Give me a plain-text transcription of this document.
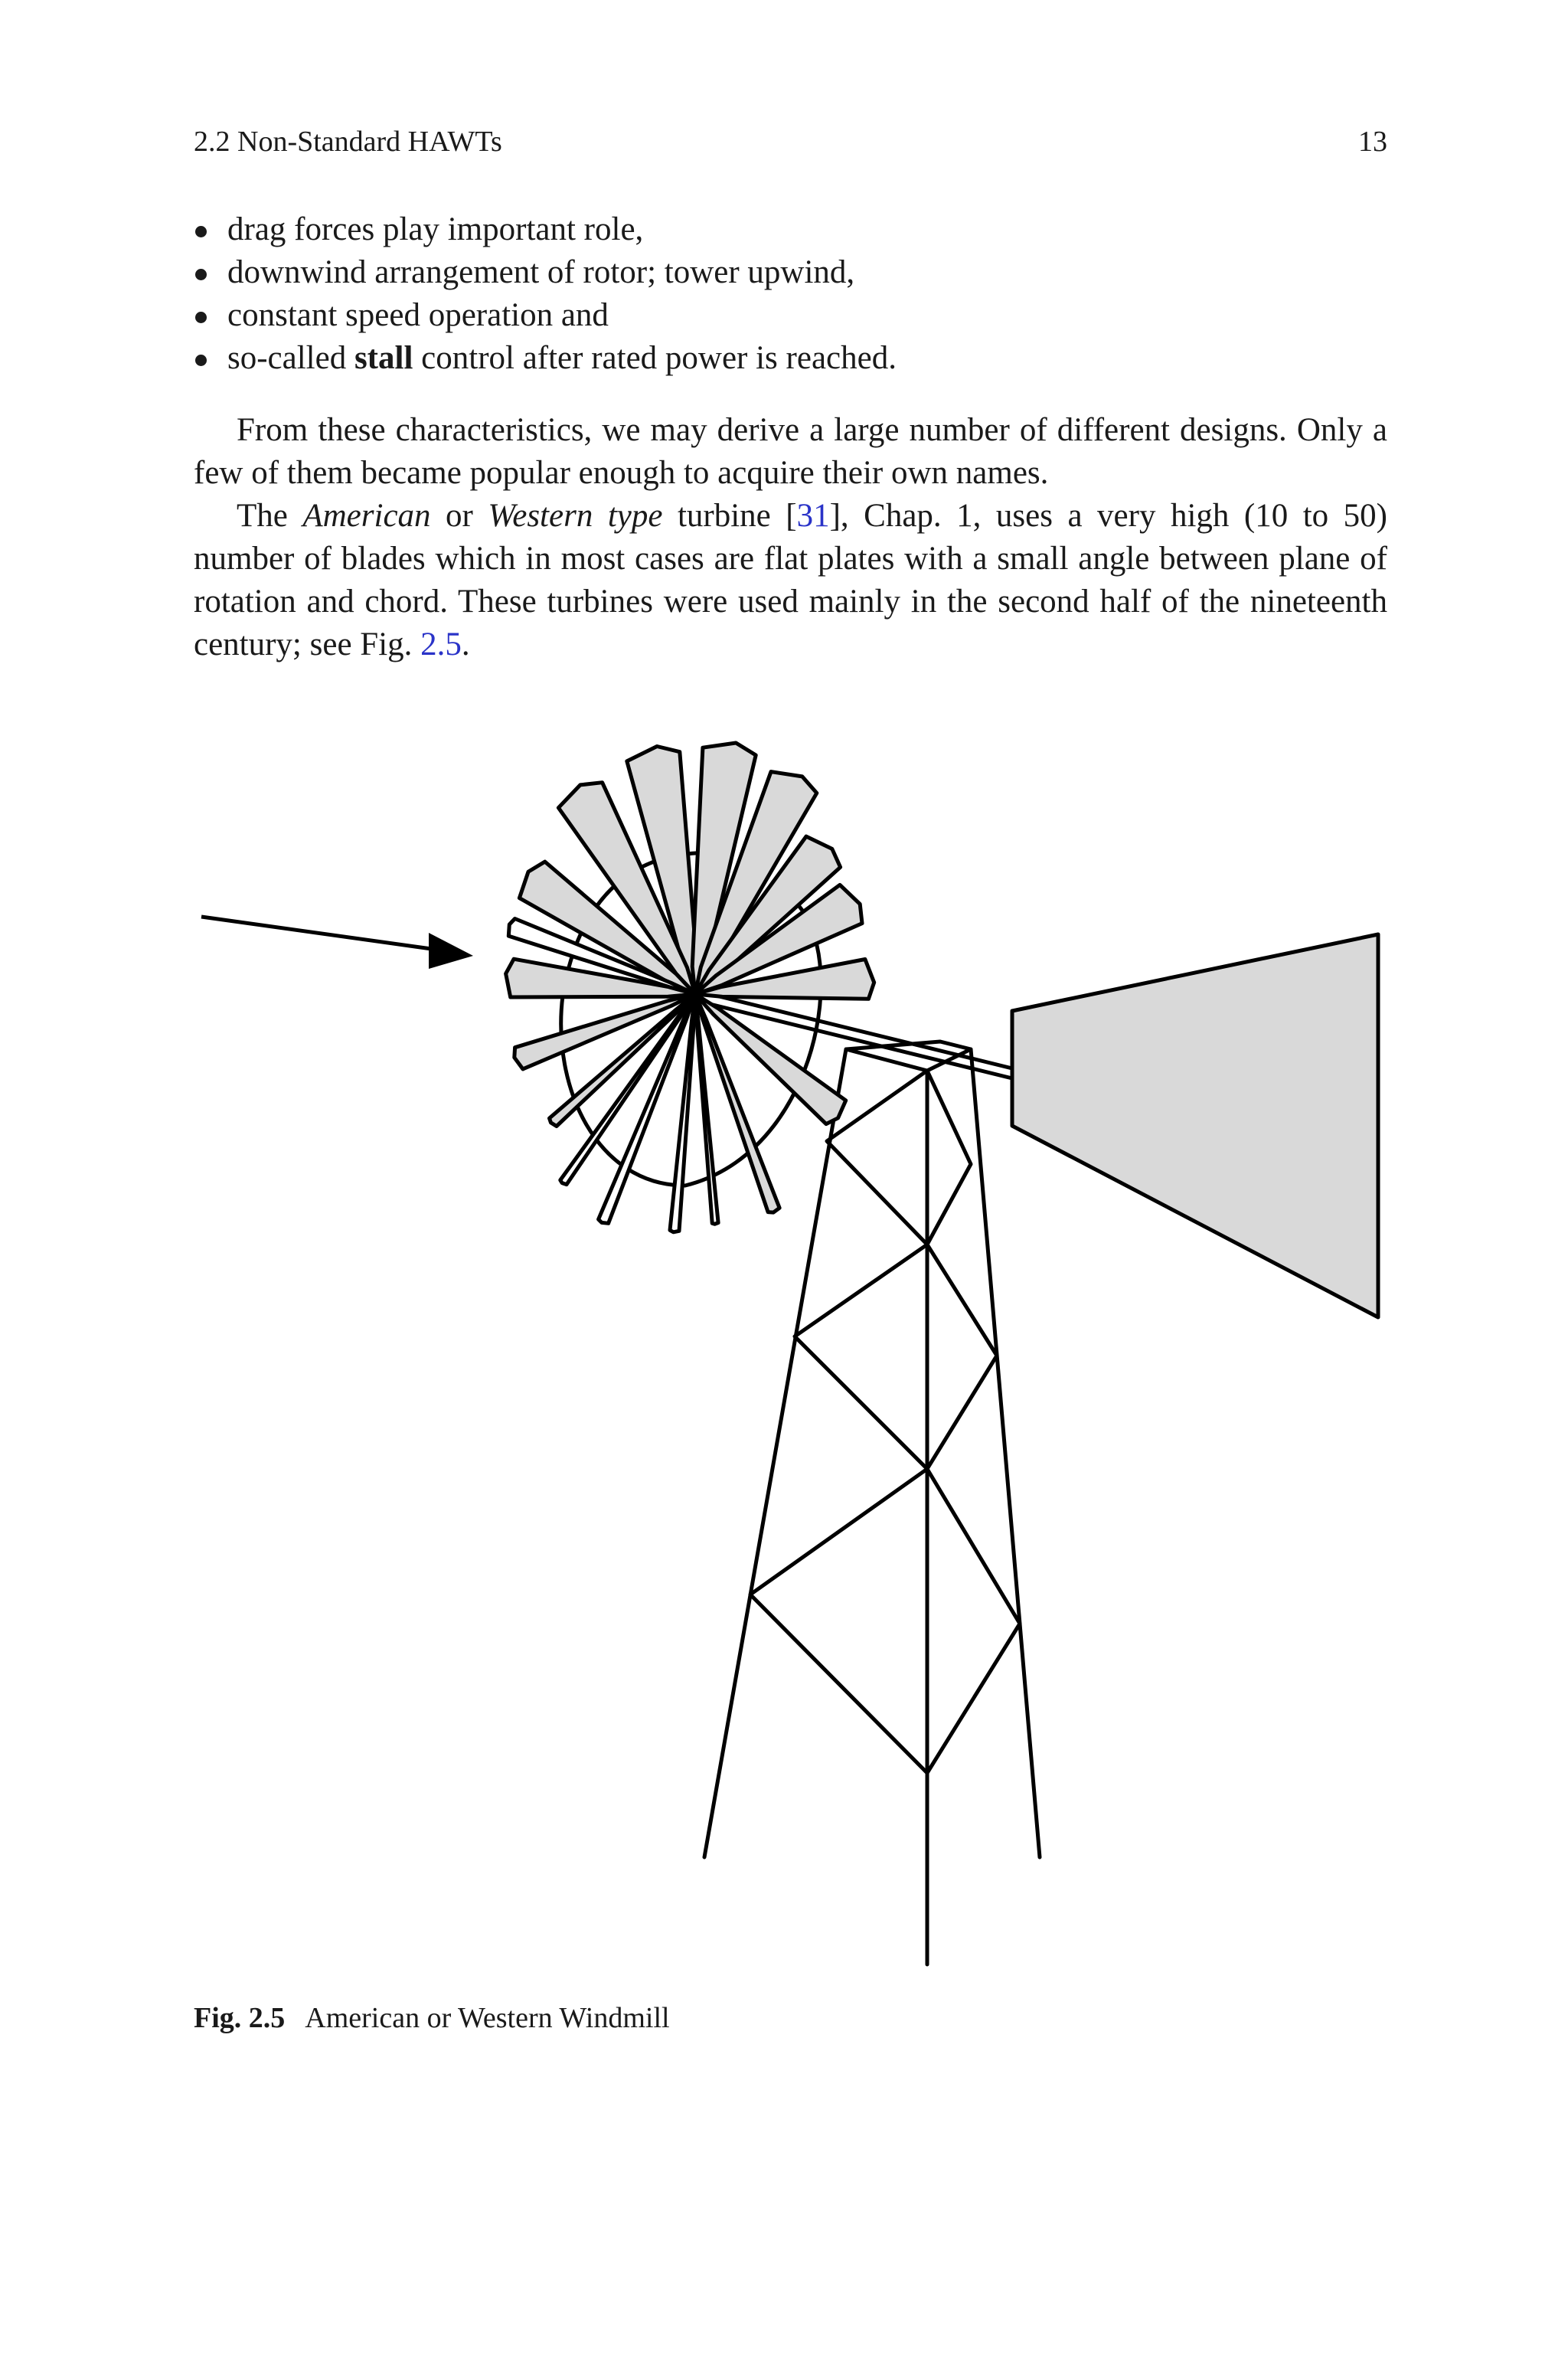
2.2 Non-Standard HAWTs	13
drag forces play important role,
downwind arrangement of rotor; tower upwind,
constant speed operation and
so-called stall control after rated power is reached.

From these characteristics, we may derive a large number of different designs. Only a few of them became popular enough to acquire their own names.

The American or Western type turbine [31], Chap. 1, uses a very high (10 to 50) number of blades which in most cases are flat plates with a small angle between plane of rotation and chord. These turbines were used mainly in the second half of the nineteenth century; see Fig. 2.5.

Fig. 2.5 American or Western Windmill
